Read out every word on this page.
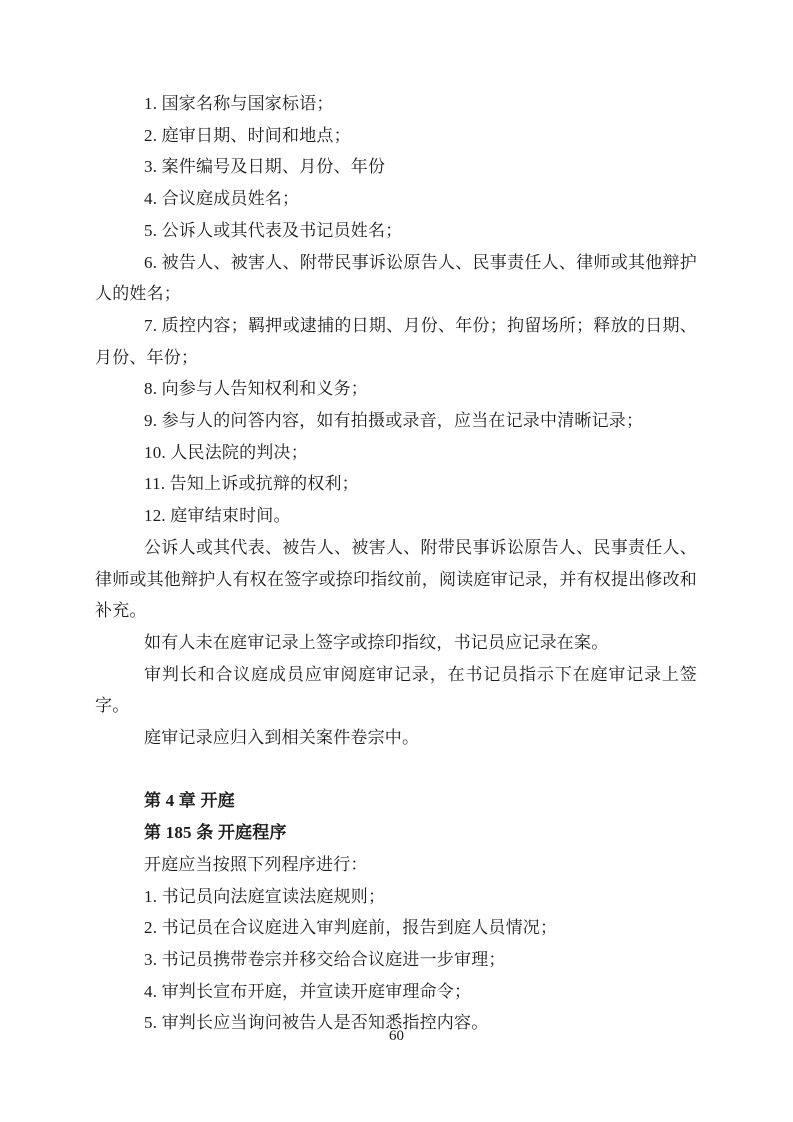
1. 国家名称与国家标语；

2. 庭审日期、时间和地点；

3. 案件编号及日期、月份、年份

4. 合议庭成员姓名；

5. 公诉人或其代表及书记员姓名；

6. 被告人、被害人、附带民事诉讼原告人、民事责任人、律师或其他辩护人的姓名；

7. 质控内容；羁押或逮捕的日期、月份、年份；拘留场所；释放的日期、月份、年份；

8. 向参与人告知权利和义务；

9. 参与人的问答内容，如有拍摄或录音，应当在记录中清晰记录；

10. 人民法院的判决；

11. 告知上诉或抗辩的权利；

12. 庭审结束时间。

公诉人或其代表、被告人、被害人、附带民事诉讼原告人、民事责任人、律师或其他辩护人有权在签字或捺印指纹前，阅读庭审记录，并有权提出修改和补充。

如有人未在庭审记录上签字或捺印指纹，书记员应记录在案。

审判长和合议庭成员应审阅庭审记录，在书记员指示下在庭审记录上签字。

庭审记录应归入到相关案件卷宗中。

第 4 章 开庭

第 185 条 开庭程序

开庭应当按照下列程序进行：

1. 书记员向法庭宣读法庭规则；

2. 书记员在合议庭进入审判庭前，报告到庭人员情况；

3. 书记员携带卷宗并移交给合议庭进一步审理；

4. 审判长宣布开庭，并宣读开庭审理命令；

5. 审判长应当询问被告人是否知悉指控内容。

60
